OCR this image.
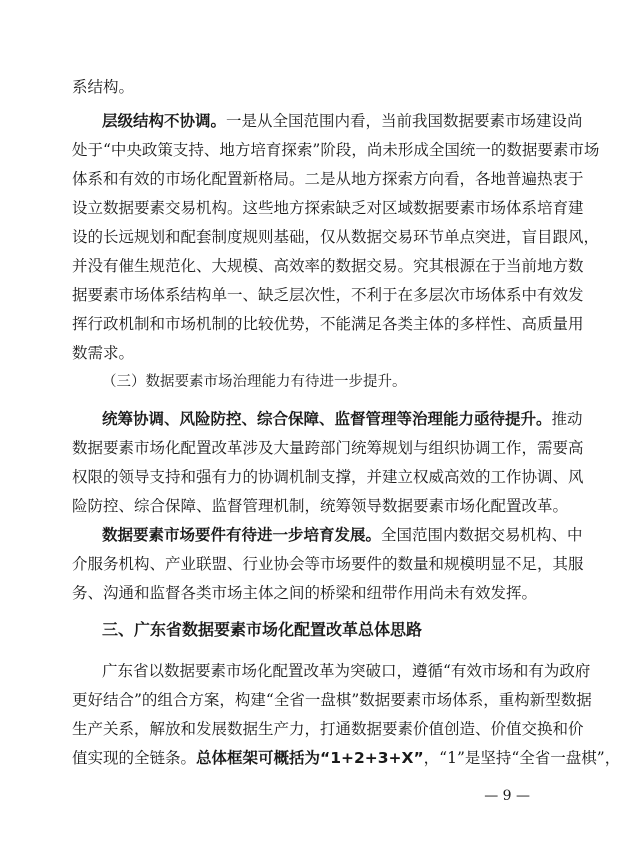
系结构。
层级结构不协调。一是从全国范围内看，当前我国数据要素市场建设尚
处于“中央政策支持、地方培育探索”阶段，尚未形成全国统一的数据要素市场
体系和有效的市场化配置新格局。二是从地方探索方向看，各地普遍热衷于
设立数据要素交易机构。这些地方探索缺乏对区域数据要素市场体系培育建
设的长远规划和配套制度规则基础，仅从数据交易环节单点突进，盲目跟风，
并没有催生规范化、大规模、高效率的数据交易。究其根源在于当前地方数
据要素市场体系结构单一、缺乏层次性，不利于在多层次市场体系中有效发
挥行政机制和市场机制的比较优势，不能满足各类主体的多样性、高质量用
数需求。
（三）数据要素市场治理能力有待进一步提升。
统筹协调、风险防控、综合保障、监督管理等治理能力亟待提升。推动
数据要素市场化配置改革涉及大量跨部门统筹规划与组织协调工作，需要高
权限的领导支持和强有力的协调机制支撑，并建立权威高效的工作协调、风
险防控、综合保障、监督管理机制，统筹领导数据要素市场化配置改革。
数据要素市场要件有待进一步培育发展。全国范围内数据交易机构、中
介服务机构、产业联盟、行业协会等市场要件的数量和规模明显不足，其服
务、沟通和监督各类市场主体之间的桥梁和纽带作用尚未有效发挥。
三、广东省数据要素市场化配置改革总体思路
广东省以数据要素市场化配置改革为突破口，遵循“有效市场和有为政府
更好结合”的组合方案，构建“全省一盘棋”数据要素市场体系，重构新型数据
生产关系，解放和发展数据生产力，打通数据要素价值创造、价值交换和价
值实现的全链条。总体框架可概括为“1+2+3+X”，“1”是坚持“全省一盘棋”，
— 9 —
